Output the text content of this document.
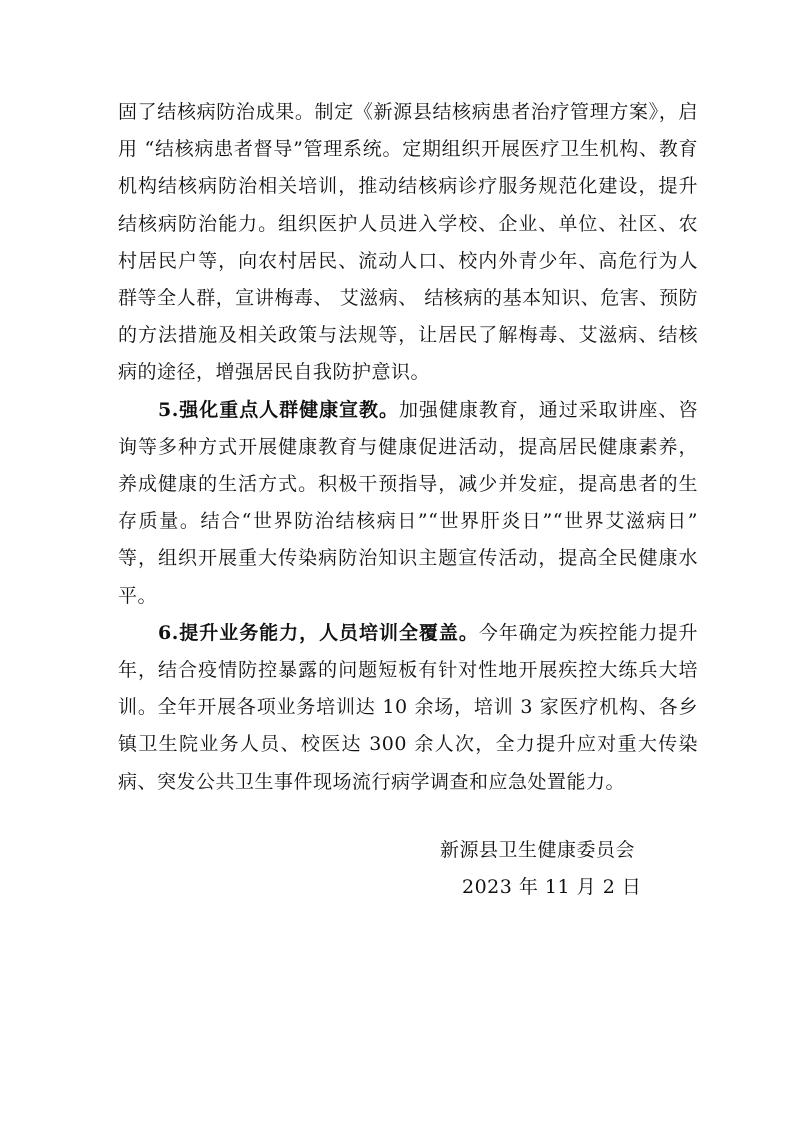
固了结核病防治成果。制定《新源县结核病患者治疗管理方案》，启用 “结核病患者督导”管理系统。定期组织开展医疗卫生机构、教育机构结核病防治相关培训，推动结核病诊疗服务规范化建设，提升结核病防治能力。组织医护人员进入学校、企业、单位、社区、农村居民户等，向农村居民、流动人口、校内外青少年、高危行为人群等全人群，宣讲梅毒、 艾滋病、 结核病的基本知识、危害、预防的方法措施及相关政策与法规等，让居民了解梅毒、艾滋病、结核病的途径，增强居民自我防护意识。

5.强化重点人群健康宣教。加强健康教育，通过采取讲座、咨询等多种方式开展健康教育与健康促进活动，提高居民健康素养，养成健康的生活方式。积极干预指导，减少并发症，提高患者的生存质量。结合“世界防治结核病日”“世界肝炎日”“世界艾滋病日” 等，组织开展重大传染病防治知识主题宣传活动，提高全民健康水平。

6.提升业务能力，人员培训全覆盖。今年确定为疾控能力提升年，结合疫情防控暴露的问题短板有针对性地开展疾控大练兵大培训。全年开展各项业务培训达 10 余场，培训 3 家医疗机构、各乡镇卫生院业务人员、校医达 300 余人次，全力提升应对重大传染病、突发公共卫生事件现场流行病学调查和应急处置能力。

新源县卫生健康委员会

2023 年 11 月 2 日
